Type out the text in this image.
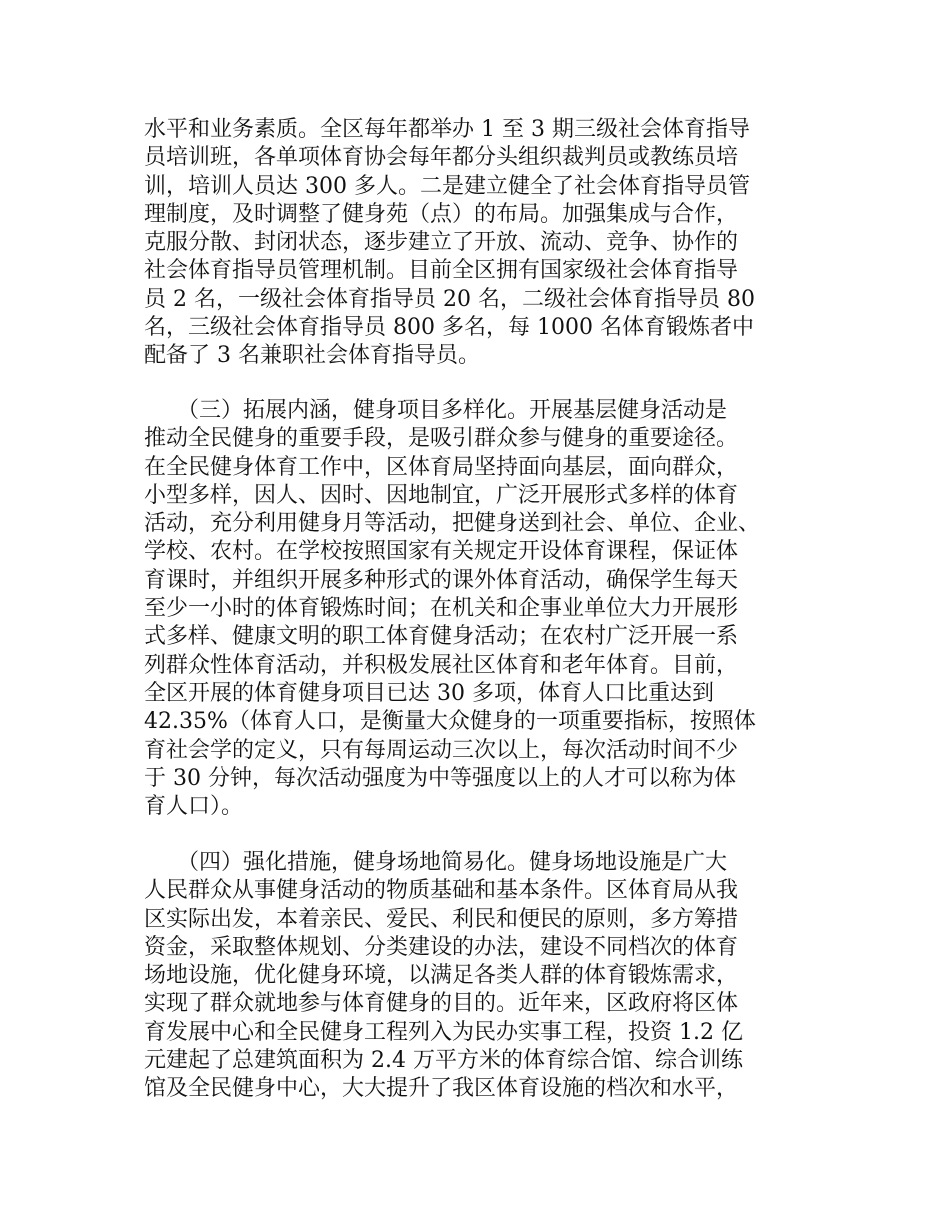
水平和业务素质。全区每年都举办 1 至 3 期三级社会体育指导
员培训班，各单项体育协会每年都分头组织裁判员或教练员培
训，培训人员达 300 多人。二是建立健全了社会体育指导员管
理制度，及时调整了健身苑（点）的布局。加强集成与合作，
克服分散、封闭状态，逐步建立了开放、流动、竞争、协作的
社会体育指导员管理机制。目前全区拥有国家级社会体育指导
员 2 名，一级社会体育指导员 20 名，二级社会体育指导员 80
名，三级社会体育指导员 800 多名，每 1000 名体育锻炼者中
配备了 3 名兼职社会体育指导员。
　　（三）拓展内涵，健身项目多样化。开展基层健身活动是
推动全民健身的重要手段，是吸引群众参与健身的重要途径。
在全民健身体育工作中，区体育局坚持面向基层，面向群众，
小型多样，因人、因时、因地制宜，广泛开展形式多样的体育
活动，充分利用健身月等活动，把健身送到社会、单位、企业、
学校、农村。在学校按照国家有关规定开设体育课程，保证体
育课时，并组织开展多种形式的课外体育活动，确保学生每天
至少一小时的体育锻炼时间；在机关和企事业单位大力开展形
式多样、健康文明的职工体育健身活动；在农村广泛开展一系
列群众性体育活动，并积极发展社区体育和老年体育。目前，
全区开展的体育健身项目已达 30 多项，体育人口比重达到
42.35%（体育人口，是衡量大众健身的一项重要指标，按照体
育社会学的定义，只有每周运动三次以上，每次活动时间不少
于 30 分钟，每次活动强度为中等强度以上的人才可以称为体
育人口）。
　　（四）强化措施，健身场地简易化。健身场地设施是广大
人民群众从事健身活动的物质基础和基本条件。区体育局从我
区实际出发，本着亲民、爱民、利民和便民的原则，多方筹措
资金，采取整体规划、分类建设的办法，建设不同档次的体育
场地设施，优化健身环境，以满足各类人群的体育锻炼需求，
实现了群众就地参与体育健身的目的。近年来，区政府将区体
育发展中心和全民健身工程列入为民办实事工程，投资 1.2 亿
元建起了总建筑面积为 2.4 万平方米的体育综合馆、综合训练
馆及全民健身中心，大大提升了我区体育设施的档次和水平，
